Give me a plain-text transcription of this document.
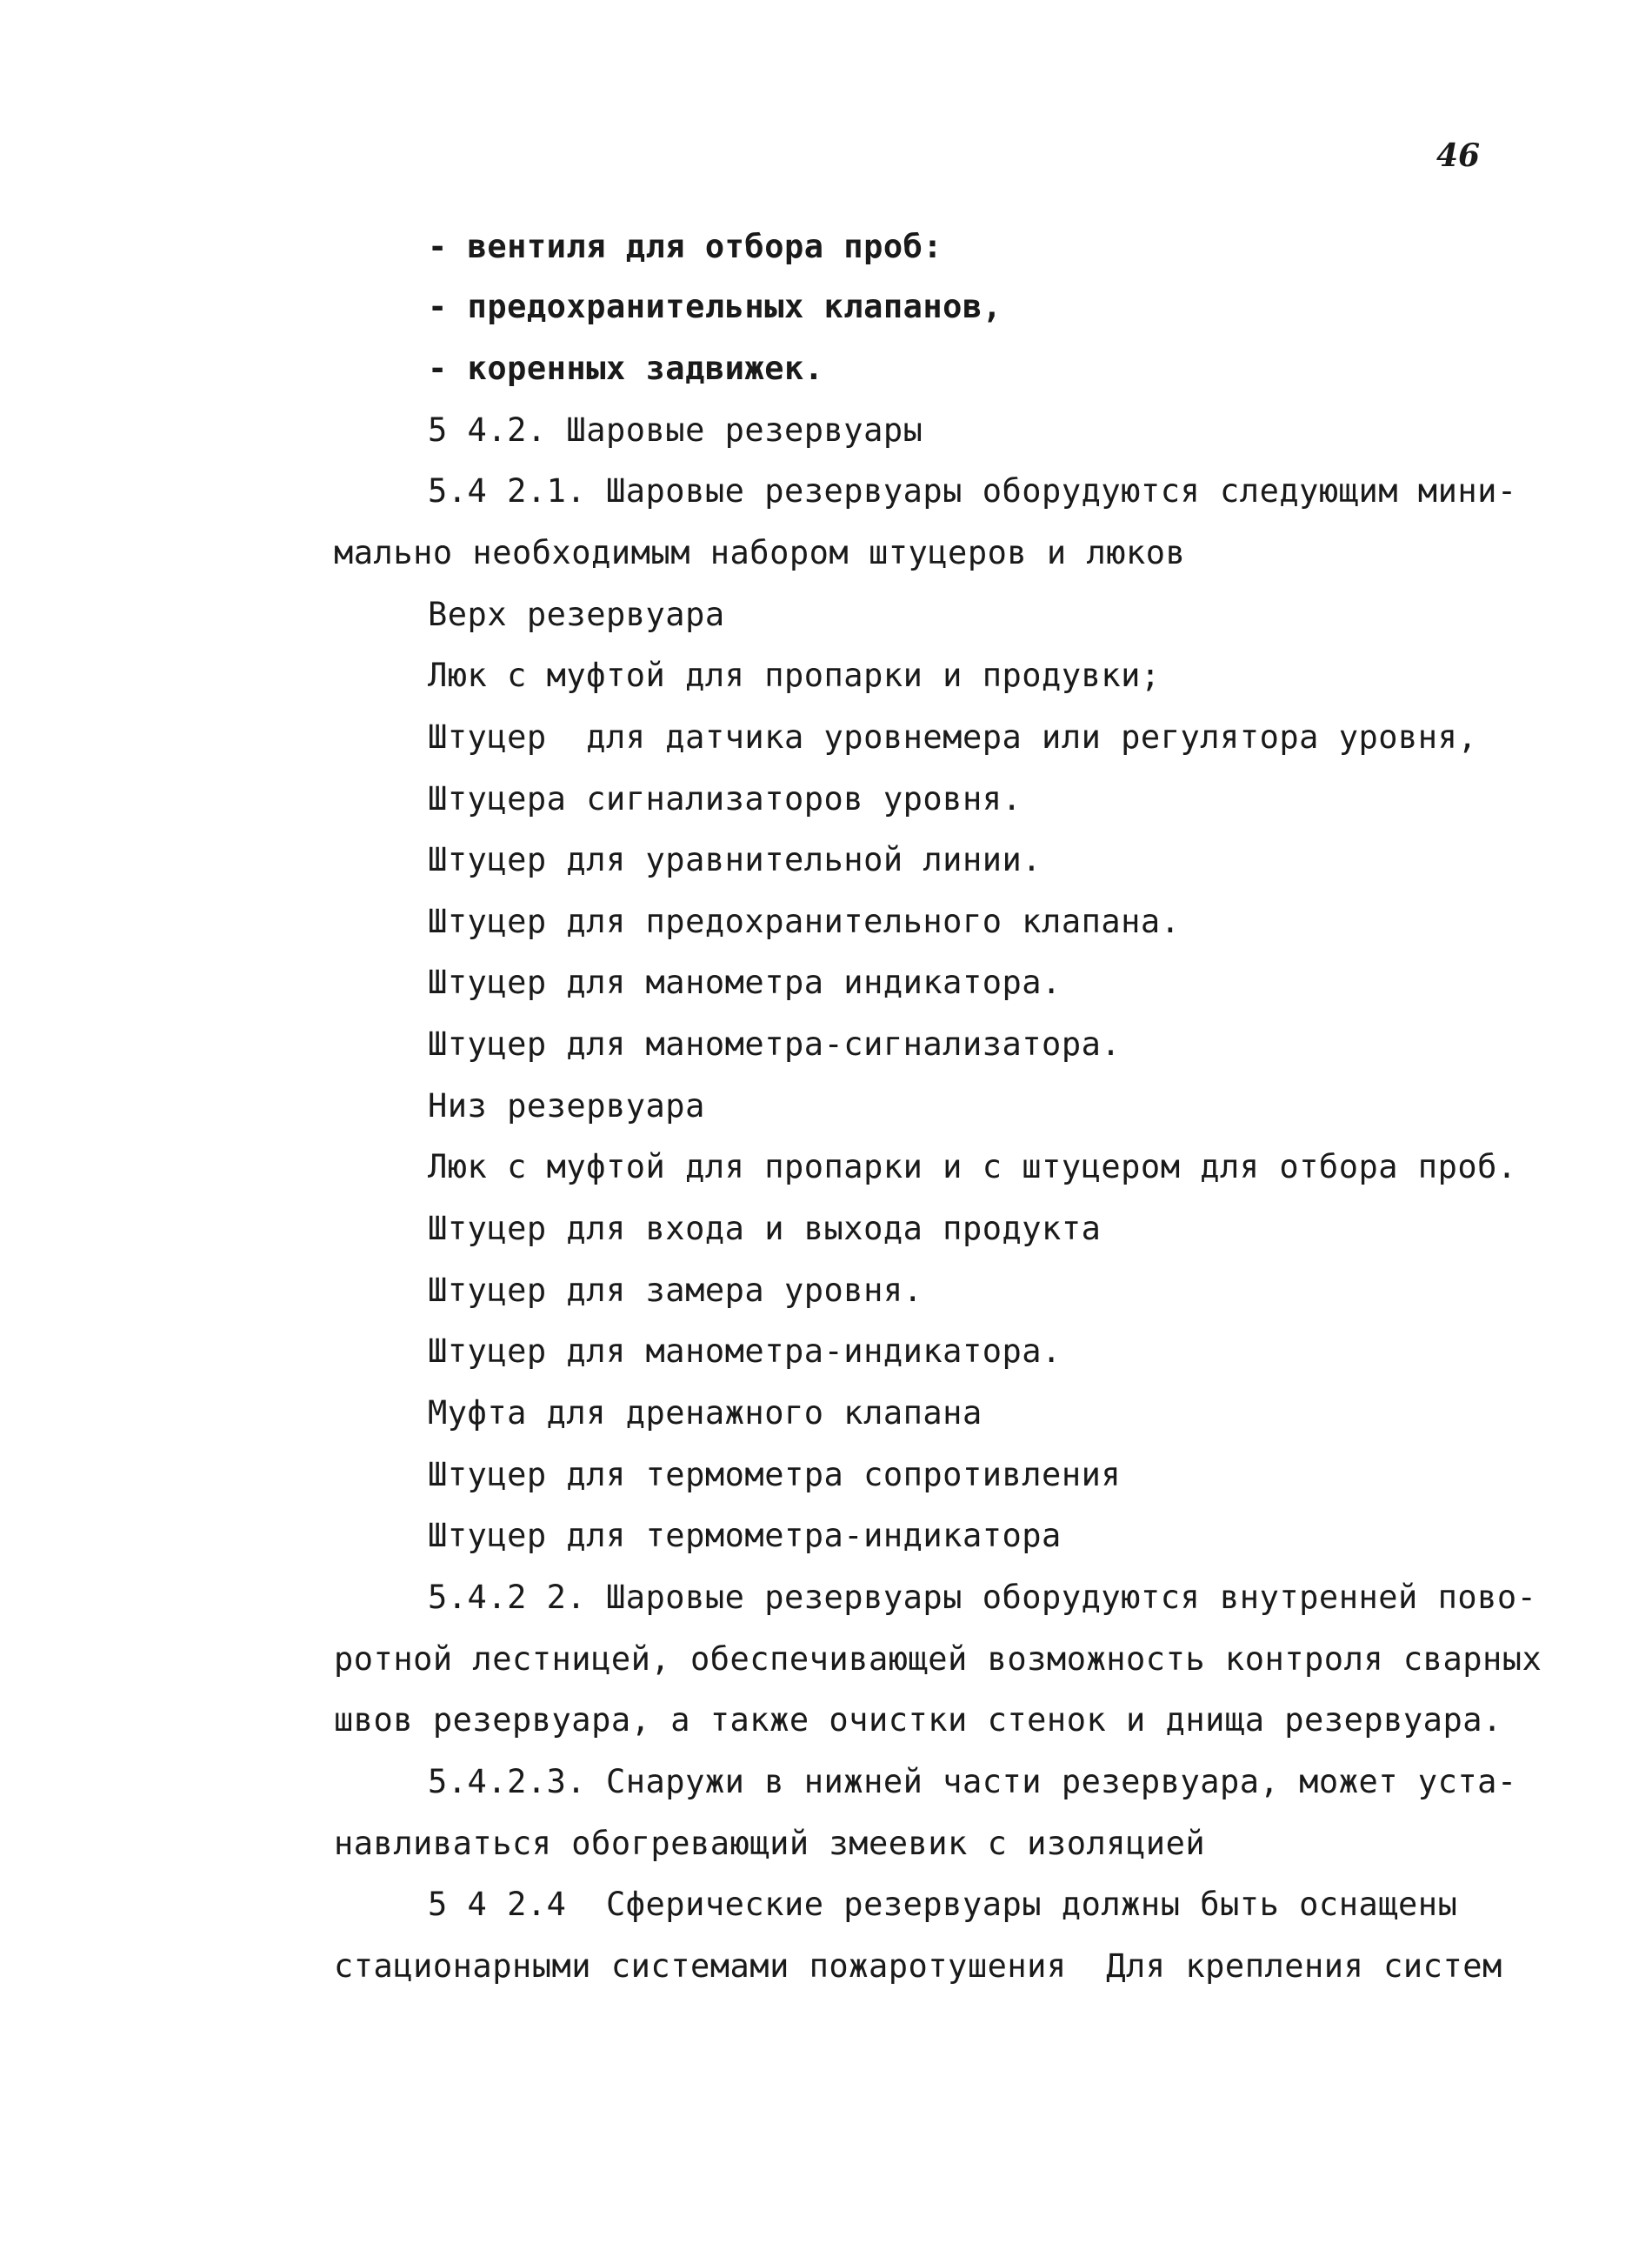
46
- вентиля для отбора проб:
- предохранительных клапанов,
- коренных задвижек.
5 4.2. Шаровые резервуары
5.4 2.1. Шаровые резервуары оборудуются следующим мини-
мально необходимым набором штуцеров и люков
Верх резервуара
Люк с муфтой для пропарки и продувки;
Штуцер  для датчика уровнемера или регулятора уровня,
Штуцера сигнализаторов уровня.
Штуцер для уравнительной линии.
Штуцер для предохранительного клапана.
Штуцер для манометра индикатора.
Штуцер для манометра-сигнализатора.
Низ резервуара
Люк с муфтой для пропарки и с штуцером для отбора проб.
Штуцер для входа и выхода продукта
Штуцер для замера уровня.
Штуцер для манометра-индикатора.
Муфта для дренажного клапана
Штуцер для термометра сопротивления
Штуцер для термометра-индикатора
5.4.2 2. Шаровые резервуары оборудуются внутренней пово-
ротной лестницей, обеспечивающей возможность контроля сварных
швов резервуара, а также очистки стенок и днища резервуара.
5.4.2.3. Снаружи в нижней части резервуара, может уста-
навливаться обогревающий змеевик с изоляцией
5 4 2.4  Сферические резервуары должны быть оснащены
стационарными системами пожаротушения  Для крепления систем
